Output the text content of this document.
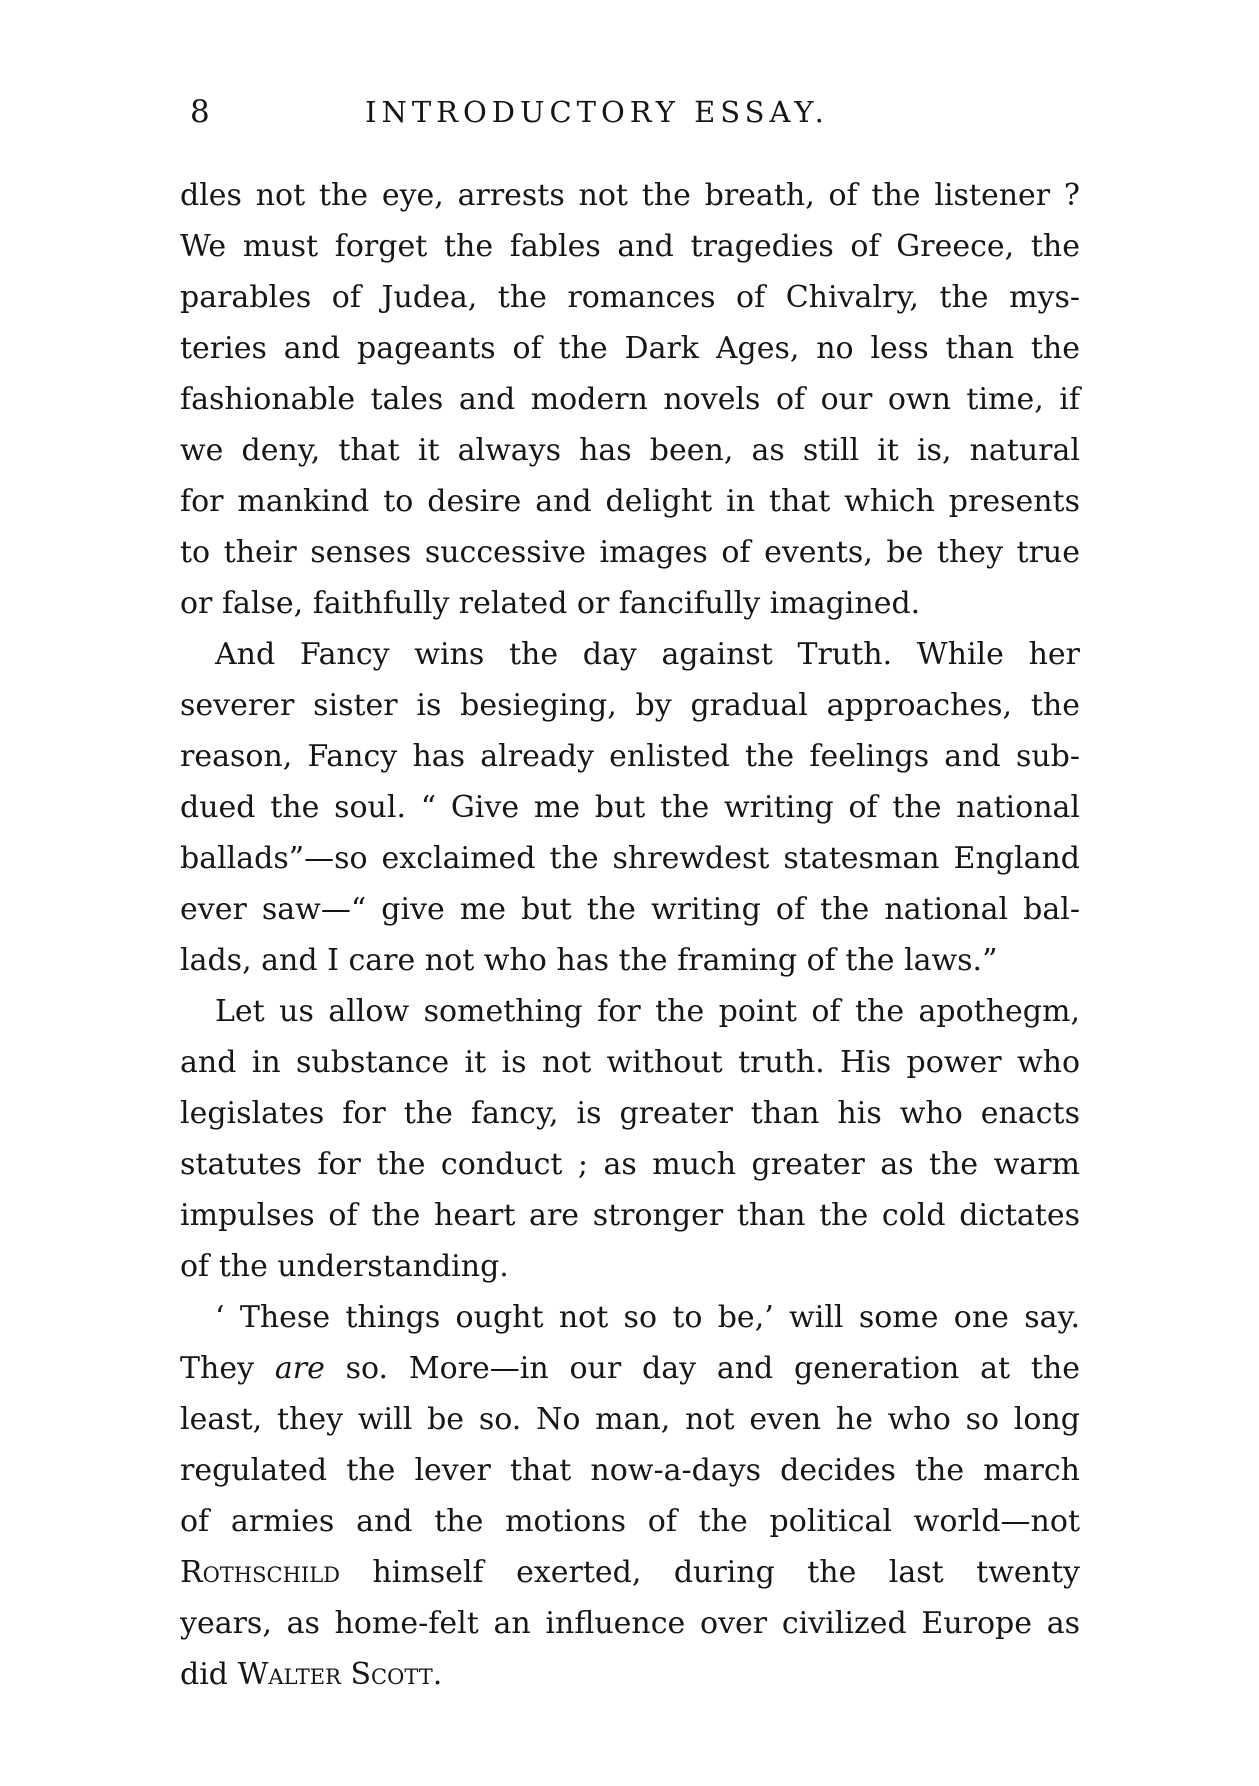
8	INTRODUCTORY ESSAY.
dles not the eye, arrests not the breath, of the listener ?
We must forget the fables and tragedies of Greece, the
parables of Judea, the romances of Chivalry, the mys-
teries and pageants of the Dark Ages, no less than the
fashionable tales and modern novels of our own time, if
we deny, that it always has been, as still it is, natural
for mankind to desire and delight in that which presents
to their senses successive images of events, be they true
or false, faithfully related or fancifully imagined.
And Fancy wins the day against Truth. While her
severer sister is besieging, by gradual approaches, the
reason, Fancy has already enlisted the feelings and sub-
dued the soul. “ Give me but the writing of the national
ballads”—so exclaimed the shrewdest statesman England
ever saw—“ give me but the writing of the national bal-
lads, and I care not who has the framing of the laws.”
Let us allow something for the point of the apothegm,
and in substance it is not without truth. His power who
legislates for the fancy, is greater than his who enacts
statutes for the conduct ; as much greater as the warm
impulses of the heart are stronger than the cold dictates
of the understanding.
‘ These things ought not so to be,’ will some one say.
They are so. More—in our day and generation at the
least, they will be so. No man, not even he who so long
regulated the lever that now-a-days decides the march
of armies and the motions of the political world—not
Rothschild himself exerted, during the last twenty
years, as home-felt an influence over civilized Europe as
did Walter Scott.
